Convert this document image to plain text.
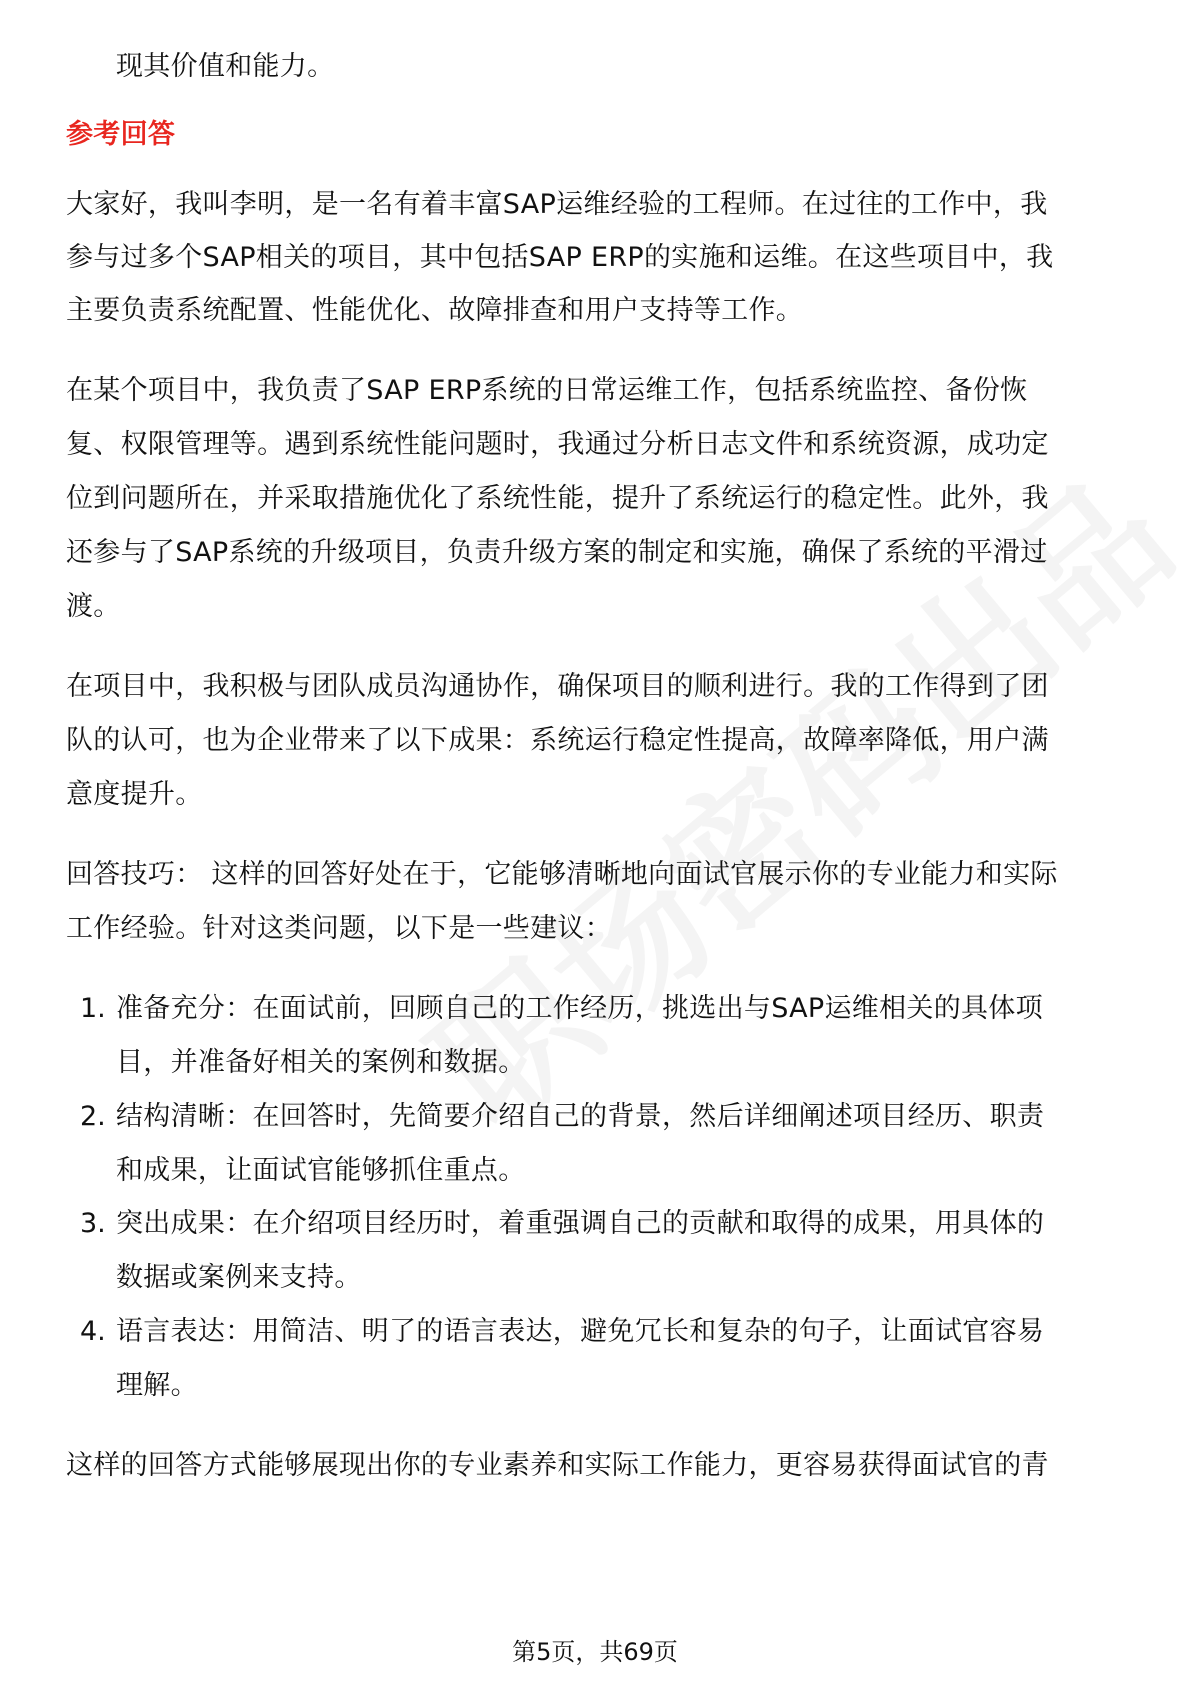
现其价值和能力。
参考回答
大家好，我叫李明，是一名有着丰富SAP运维经验的工程师。在过往的工作中，我
参与过多个SAP相关的项目，其中包括SAP ERP的实施和运维。在这些项目中，我
主要负责系统配置、性能优化、故障排查和用户支持等工作。
在某个项目中，我负责了SAP ERP系统的日常运维工作，包括系统监控、备份恢
复、权限管理等。遇到系统性能问题时，我通过分析日志文件和系统资源，成功定
位到问题所在，并采取措施优化了系统性能，提升了系统运行的稳定性。此外，我
还参与了SAP系统的升级项目，负责升级方案的制定和实施，确保了系统的平滑过
渡。
在项目中，我积极与团队成员沟通协作，确保项目的顺利进行。我的工作得到了团
队的认可，也为企业带来了以下成果：系统运行稳定性提高，故障率降低，用户满
意度提升。
回答技巧： 这样的回答好处在于，它能够清晰地向面试官展示你的专业能力和实际
工作经验。针对这类问题，以下是一些建议：
1. 准备充分：在面试前，回顾自己的工作经历，挑选出与SAP运维相关的具体项
目，并准备好相关的案例和数据。
2. 结构清晰：在回答时，先简要介绍自己的背景，然后详细阐述项目经历、职责
和成果，让面试官能够抓住重点。
3. 突出成果：在介绍项目经历时，着重强调自己的贡献和取得的成果，用具体的
数据或案例来支持。
4. 语言表达：用简洁、明了的语言表达，避免冗长和复杂的句子，让面试官容易
理解。
这样的回答方式能够展现出你的专业素养和实际工作能力，更容易获得面试官的青
第5页，共69页
